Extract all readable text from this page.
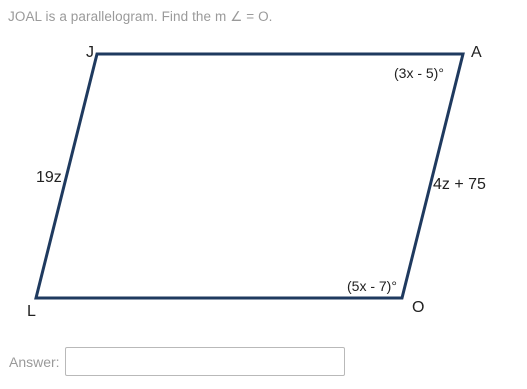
JOAL is a parallelogram. Find the m ∠ = O.
J	A
O
L
(3x - 5)°
(5x - 7)°
19z	4z + 75
Answer:
